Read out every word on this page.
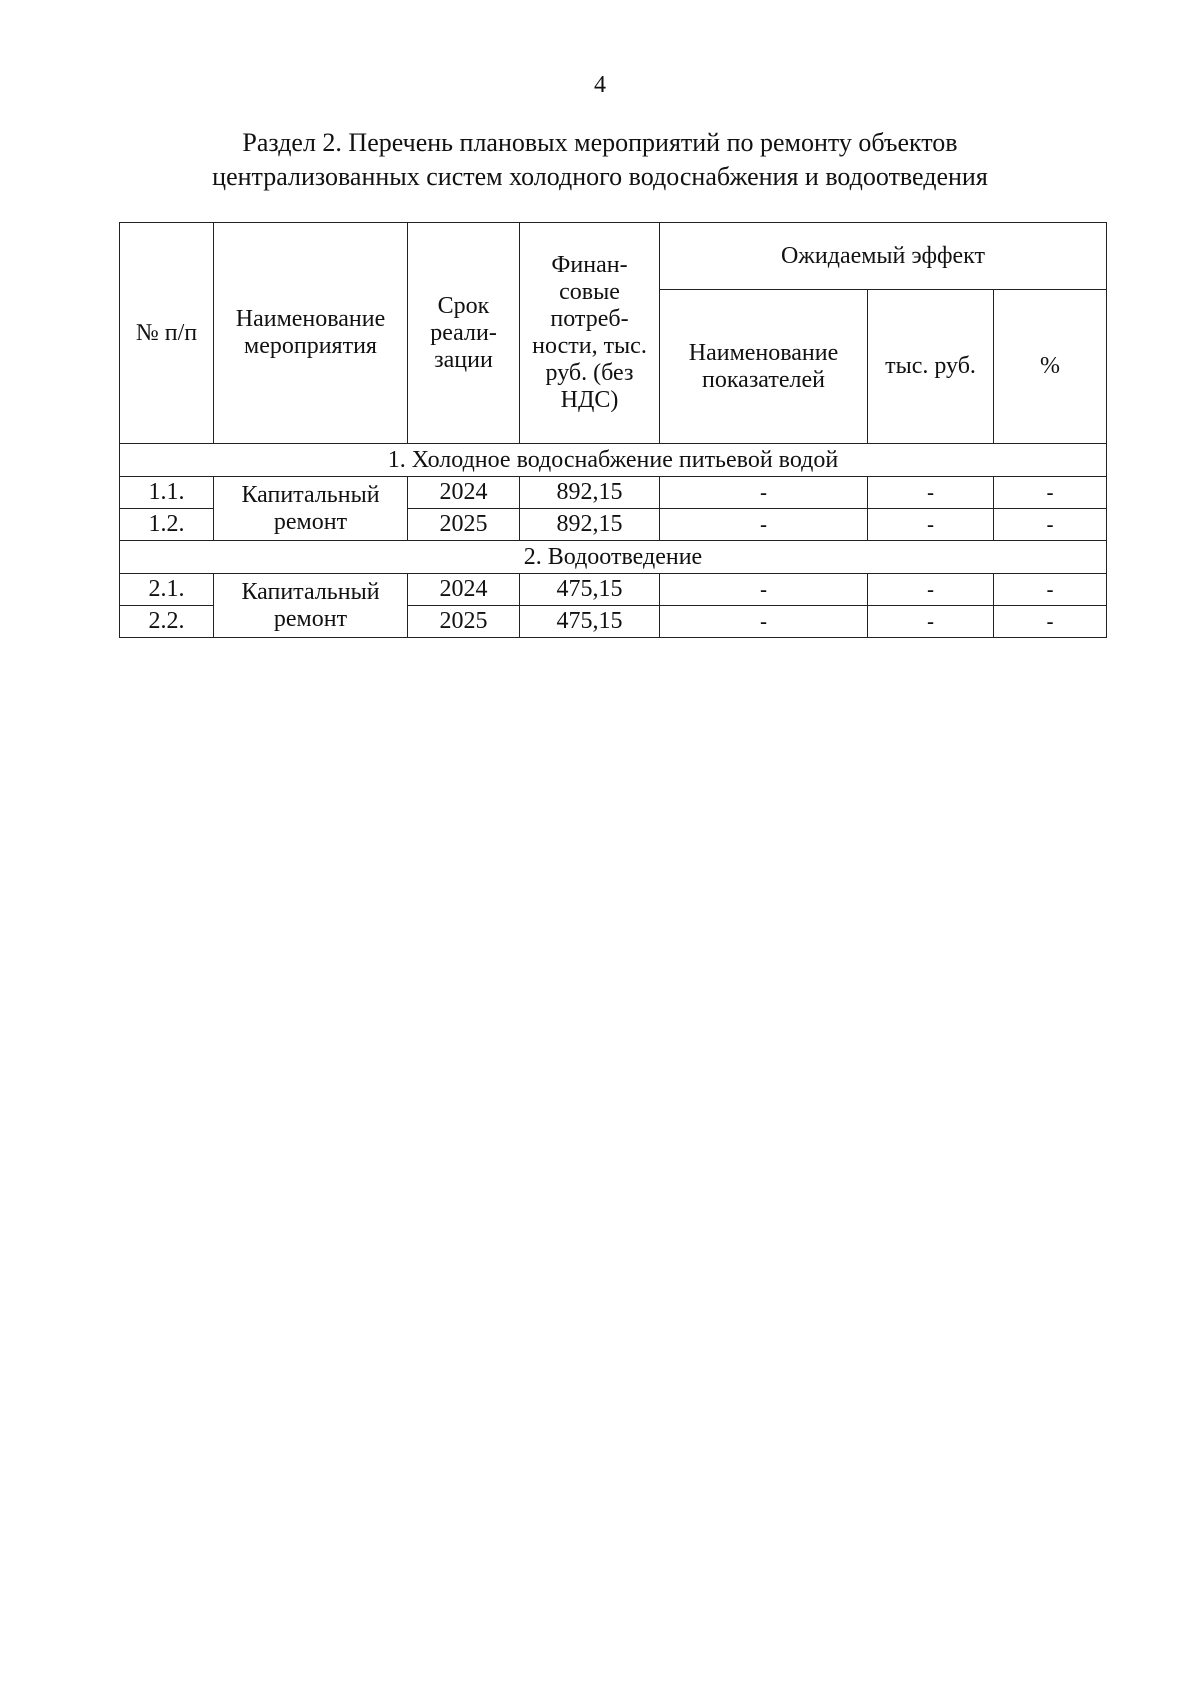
4
Раздел 2. Перечень плановых мероприятий по ремонту объектов
централизованных систем холодного водоснабжения и водоотведения
№ п/п	Наименование мероприятия	Срок реали-зации	Финан-совые потреб-ности, тыс. руб. (без НДС)	Ожидаемый эффект		
				Наименование показателей	тыс. руб.	%
1. Холодное водоснабжение питьевой водой						
1.1.	Капитальный ремонт	2024	892,15	-	-	-
1.2.		2025	892,15	-	-	-
2. Водоотведение						
2.1.	Капитальный ремонт	2024	475,15	-	-	-
2.2.		2025	475,15	-	-	-
